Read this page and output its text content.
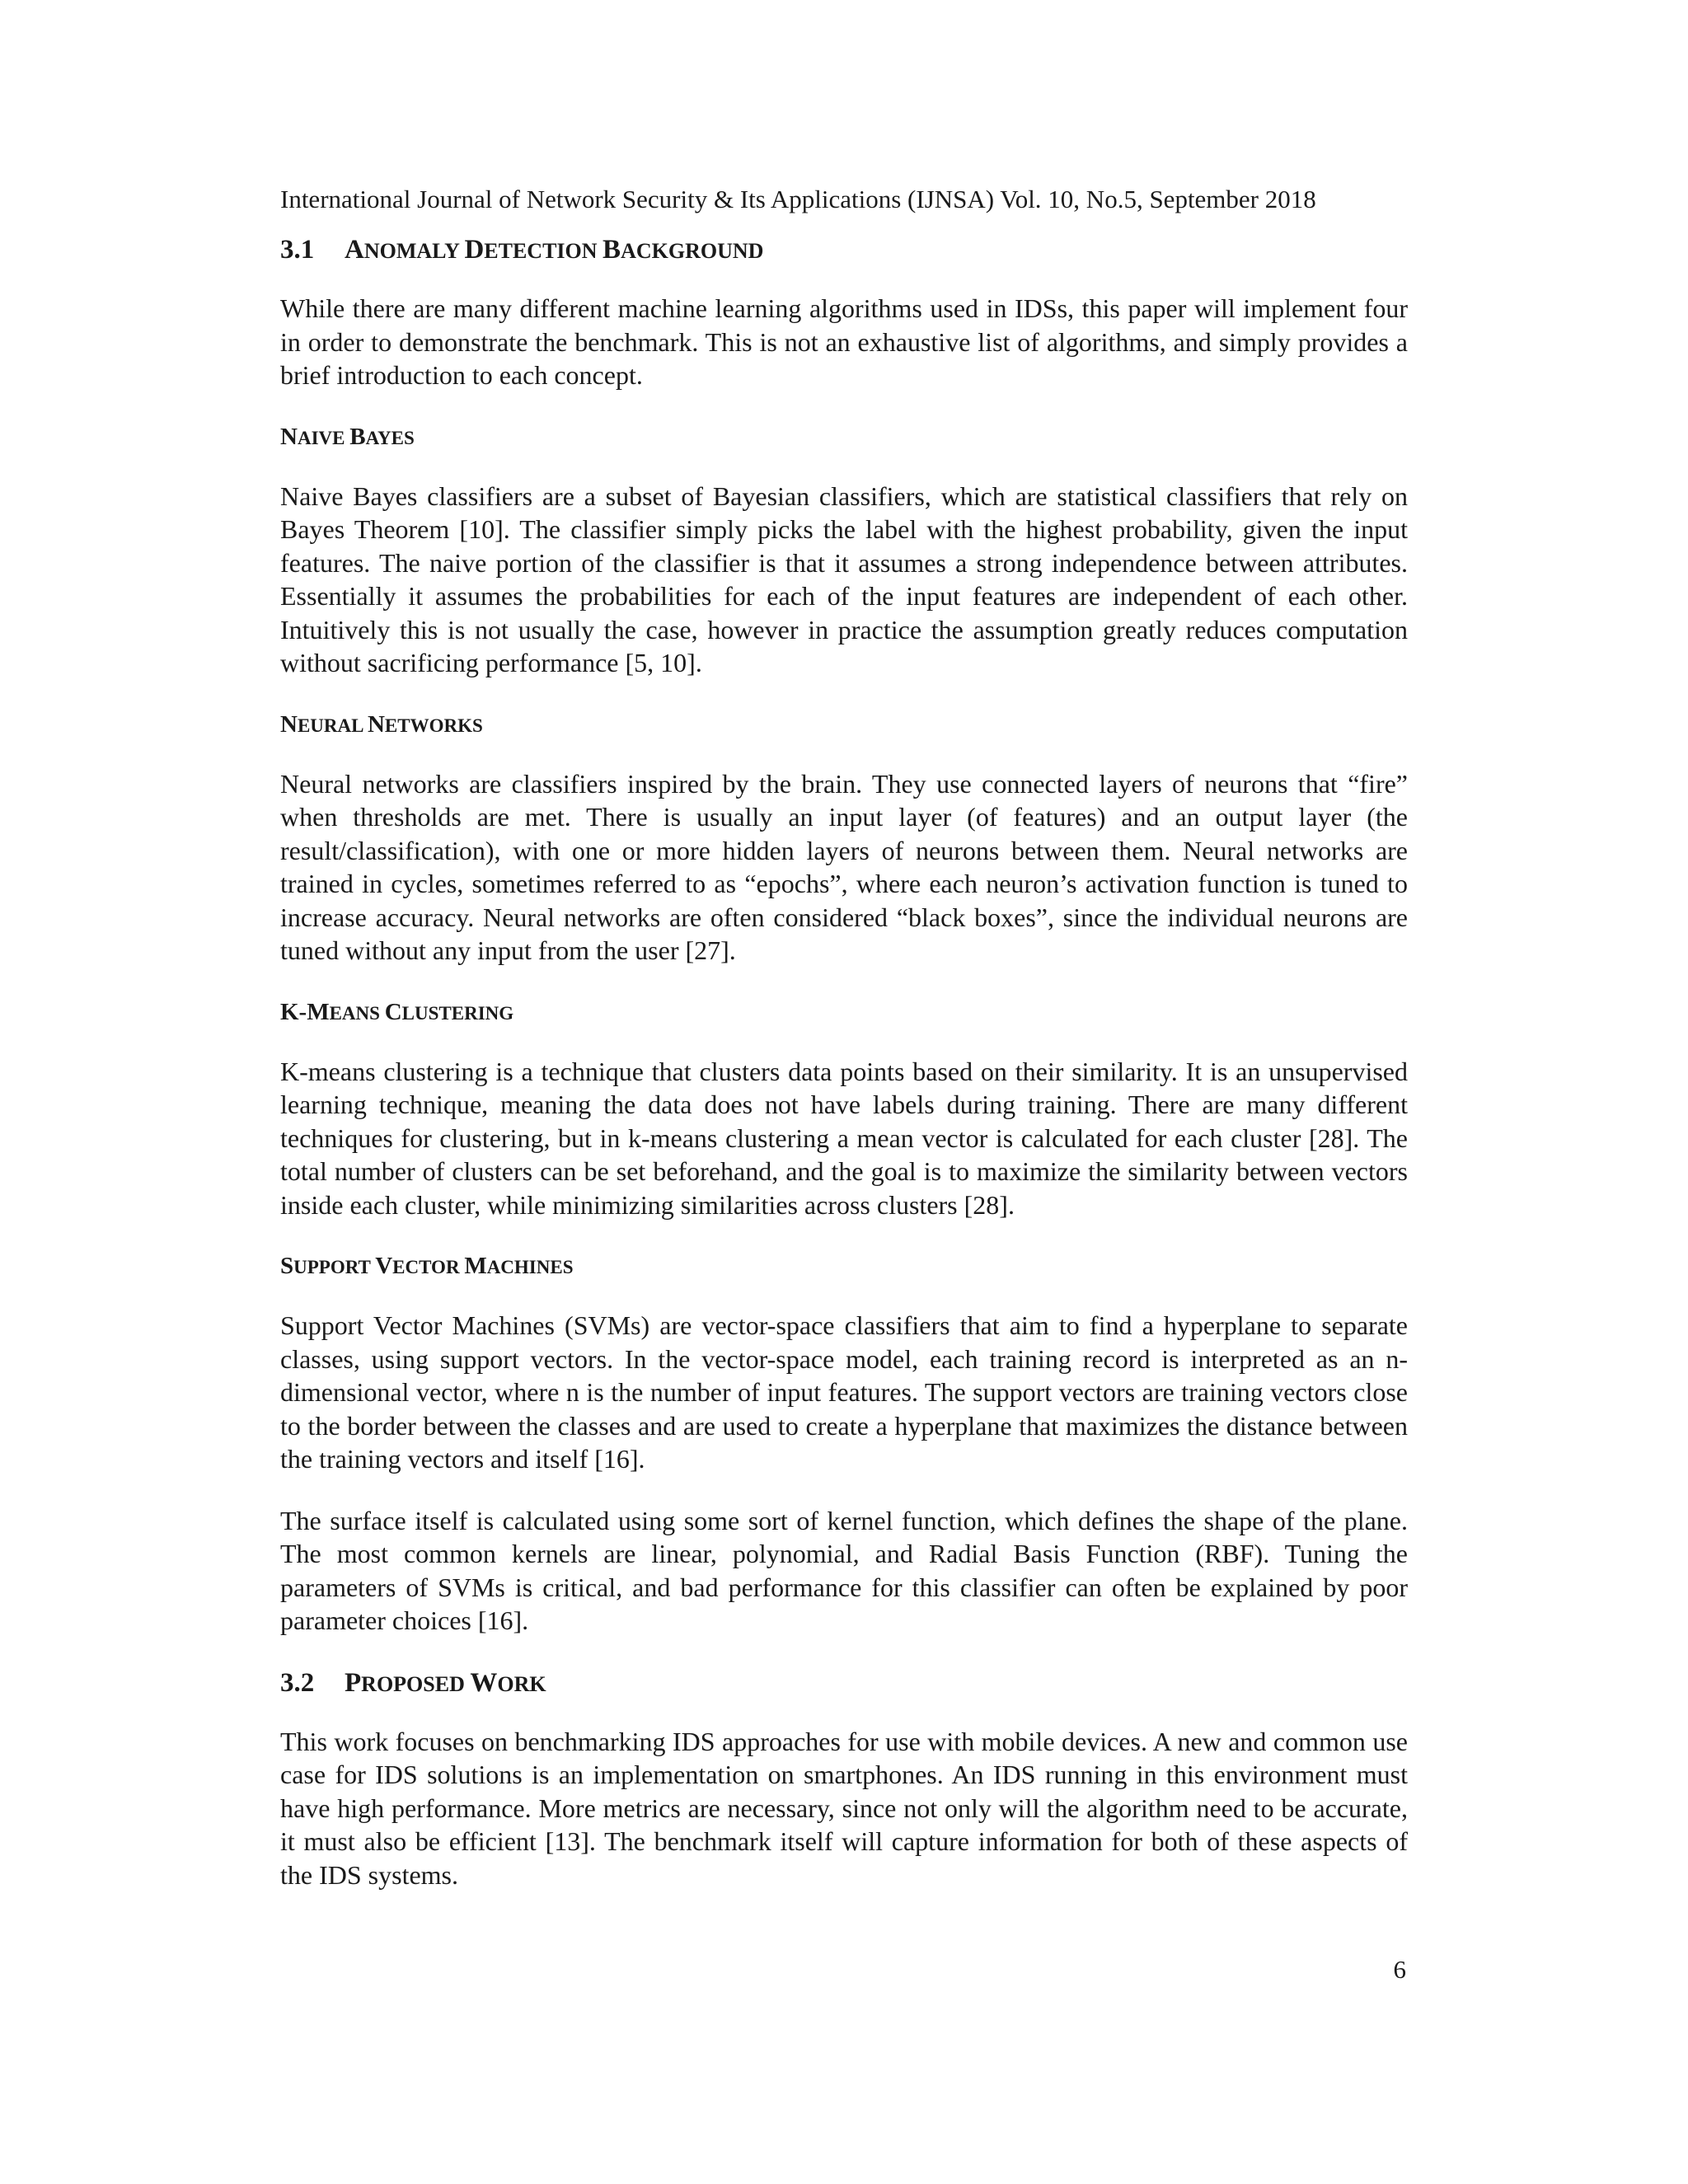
International Journal of Network Security & Its Applications (IJNSA) Vol. 10, No.5, September 2018
3.1 ANOMALY DETECTION BACKGROUND

While there are many different machine learning algorithms used in IDSs, this paper will implement four in order to demonstrate the benchmark. This is not an exhaustive list of algorithms, and simply provides a brief introduction to each concept.

NAIVE BAYES

Naive Bayes classifiers are a subset of Bayesian classifiers, which are statistical classifiers that rely on Bayes Theorem [10]. The classifier simply picks the label with the highest probability, given the input features. The naive portion of the classifier is that it assumes a strong independence between attributes. Essentially it assumes the probabilities for each of the input features are independent of each other. Intuitively this is not usually the case, however in practice the assumption greatly reduces computation without sacrificing performance [5, 10].

NEURAL NETWORKS

Neural networks are classifiers inspired by the brain. They use connected layers of neurons that “fire” when thresholds are met. There is usually an input layer (of features) and an output layer (the result/classification), with one or more hidden layers of neurons between them. Neural networks are trained in cycles, sometimes referred to as “epochs”, where each neuron’s activation function is tuned to increase accuracy. Neural networks are often considered “black boxes”, since the individual neurons are tuned without any input from the user [27].

K-MEANS CLUSTERING

K-means clustering is a technique that clusters data points based on their similarity. It is an unsupervised learning technique, meaning the data does not have labels during training. There are many different techniques for clustering, but in k-means clustering a mean vector is calculated for each cluster [28]. The total number of clusters can be set beforehand, and the goal is to maximize the similarity between vectors inside each cluster, while minimizing similarities across clusters [28].

SUPPORT VECTOR MACHINES

Support Vector Machines (SVMs) are vector-space classifiers that aim to find a hyperplane to separate classes, using support vectors. In the vector-space model, each training record is interpreted as an n-dimensional vector, where n is the number of input features. The support vectors are training vectors close to the border between the classes and are used to create a hyperplane that maximizes the distance between the training vectors and itself [16].

The surface itself is calculated using some sort of kernel function, which defines the shape of the plane. The most common kernels are linear, polynomial, and Radial Basis Function (RBF). Tuning the parameters of SVMs is critical, and bad performance for this classifier can often be explained by poor parameter choices [16].

3.2 PROPOSED WORK

This work focuses on benchmarking IDS approaches for use with mobile devices. A new and common use case for IDS solutions is an implementation on smartphones. An IDS running in this environment must have high performance. More metrics are necessary, since not only will the algorithm need to be accurate, it must also be efficient [13]. The benchmark itself will capture information for both of these aspects of the IDS systems.

6
